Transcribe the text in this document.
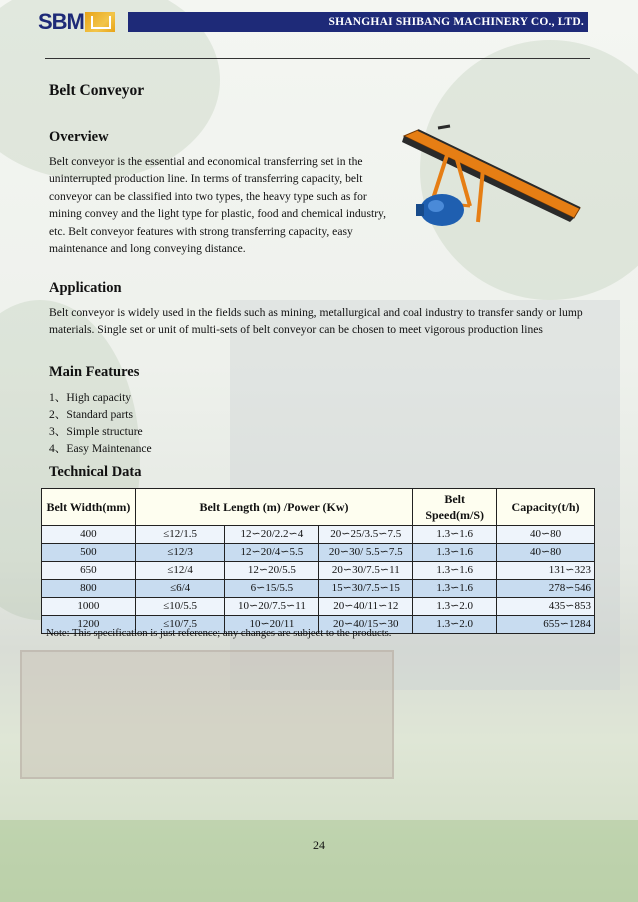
SBM	SHANGHAI SHIBANG MACHINERY CO., LTD.
Belt Conveyor
Overview
Belt conveyor is the essential and economical transferring set in the uninterrupted production line. In terms of transferring capacity, belt conveyor can be classified into two types, the heavy type such as for mining convey and the light type for plastic, food and chemical industry, etc. Belt conveyor features with strong transferring capacity, easy maintenance and long conveying distance.
Application
Belt conveyor is widely used in the fields such as mining, metallurgical and coal industry to transfer sandy or lump materials. Single set or unit of multi-sets of belt conveyor can be chosen to meet vigorous production lines
Main Features
1、High capacity
2、Standard parts
3、Simple structure
4、Easy Maintenance
Technical Data
Belt Width(mm)	Belt Length (m) /Power (Kw)			Belt Speed(m/S)	Capacity(t/h)
400	≤12/1.5	12∽20/2.2∽4	20∽25/3.5∽7.5	1.3∽1.6	40∽80
500	≤12/3	12∽20/4∽5.5	20∽30/ 5.5∽7.5	1.3∽1.6	40∽80
650	≤12/4	12∽20/5.5	20∽30/7.5∽11	1.3∽1.6	131∽323
800	≤6/4	6∽15/5.5	15∽30/7.5∽15	1.3∽1.6	278∽546
1000	≤10/5.5	10∽20/7.5∽11	20∽40/11∽12	1.3∽2.0	435∽853
1200	≤10/7.5	10∽20/11	20∽40/15∽30	1.3∽2.0	655∽1284
Note: This specification is just reference; any changes are subject to the products.
24
